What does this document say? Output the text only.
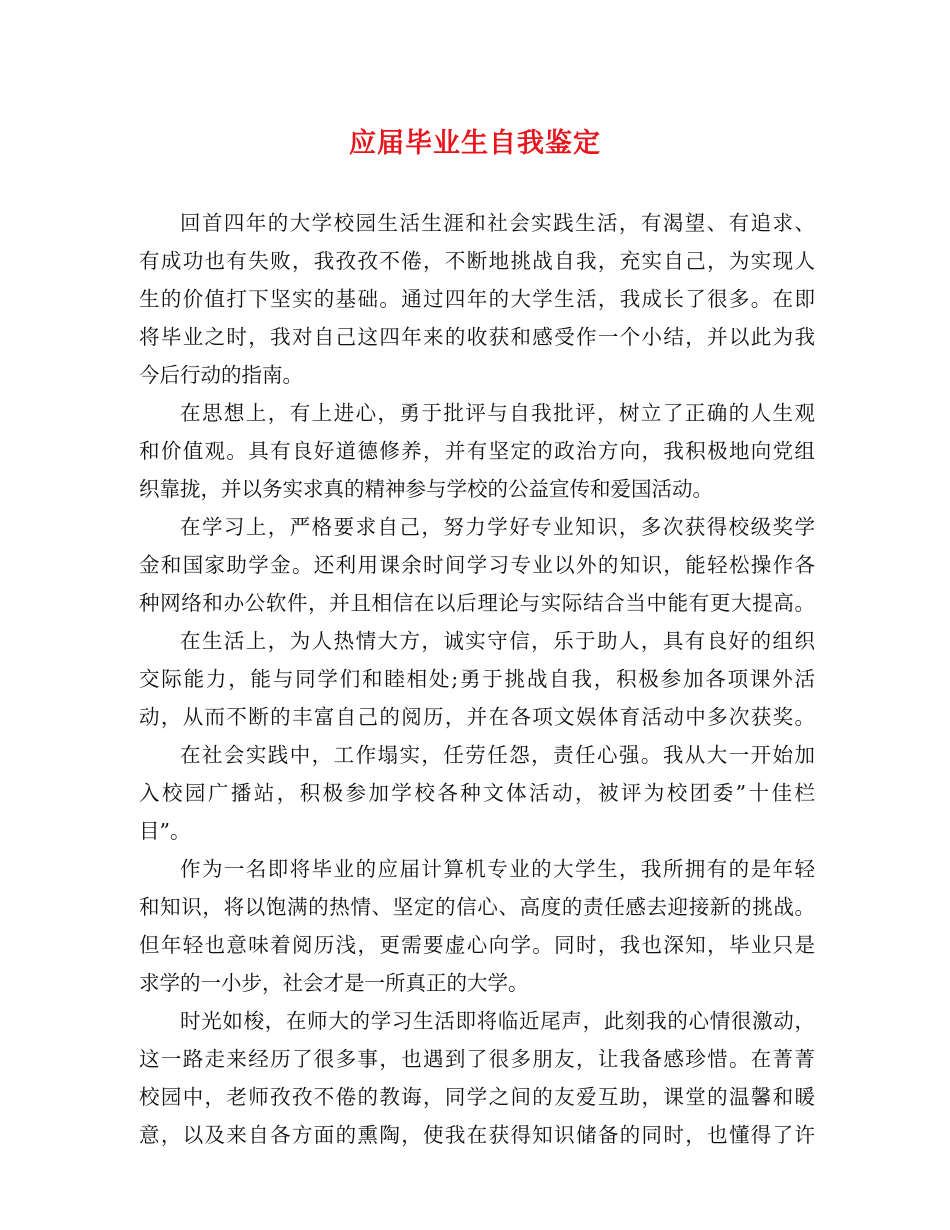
应届毕业生自我鉴定
回首四年的大学校园生活生涯和社会实践生活，有渴望、有追求、
有成功也有失败，我孜孜不倦，不断地挑战自我，充实自己，为实现人
生的价值打下坚实的基础。通过四年的大学生活，我成长了很多。在即
将毕业之时，我对自己这四年来的收获和感受作一个小结，并以此为我
今后行动的指南。
在思想上，有上进心，勇于批评与自我批评，树立了正确的人生观
和价值观。具有良好道德修养，并有坚定的政治方向，我积极地向党组
织靠拢，并以务实求真的精神参与学校的公益宣传和爱国活动。
在学习上，严格要求自己，努力学好专业知识，多次获得校级奖学
金和国家助学金。还利用课余时间学习专业以外的知识，能轻松操作各
种网络和办公软件，并且相信在以后理论与实际结合当中能有更大提高。
在生活上，为人热情大方，诚实守信，乐于助人，具有良好的组织
交际能力，能与同学们和睦相处;勇于挑战自我，积极参加各项课外活
动，从而不断的丰富自己的阅历，并在各项文娱体育活动中多次获奖。
在社会实践中，工作塌实，任劳任怨，责任心强。我从大一开始加
入校园广播站，积极参加学校各种文体活动，被评为校团委”十佳栏
目”。
作为一名即将毕业的应届计算机专业的大学生，我所拥有的是年轻
和知识，将以饱满的热情、坚定的信心、高度的责任感去迎接新的挑战。
但年轻也意味着阅历浅，更需要虚心向学。同时，我也深知，毕业只是
求学的一小步，社会才是一所真正的大学。
时光如梭，在师大的学习生活即将临近尾声，此刻我的心情很激动，
这一路走来经历了很多事，也遇到了很多朋友，让我备感珍惜。在菁菁
校园中，老师孜孜不倦的教诲，同学之间的友爱互助，课堂的温馨和暖
意，以及来自各方面的熏陶，使我在获得知识储备的同时，也懂得了许
